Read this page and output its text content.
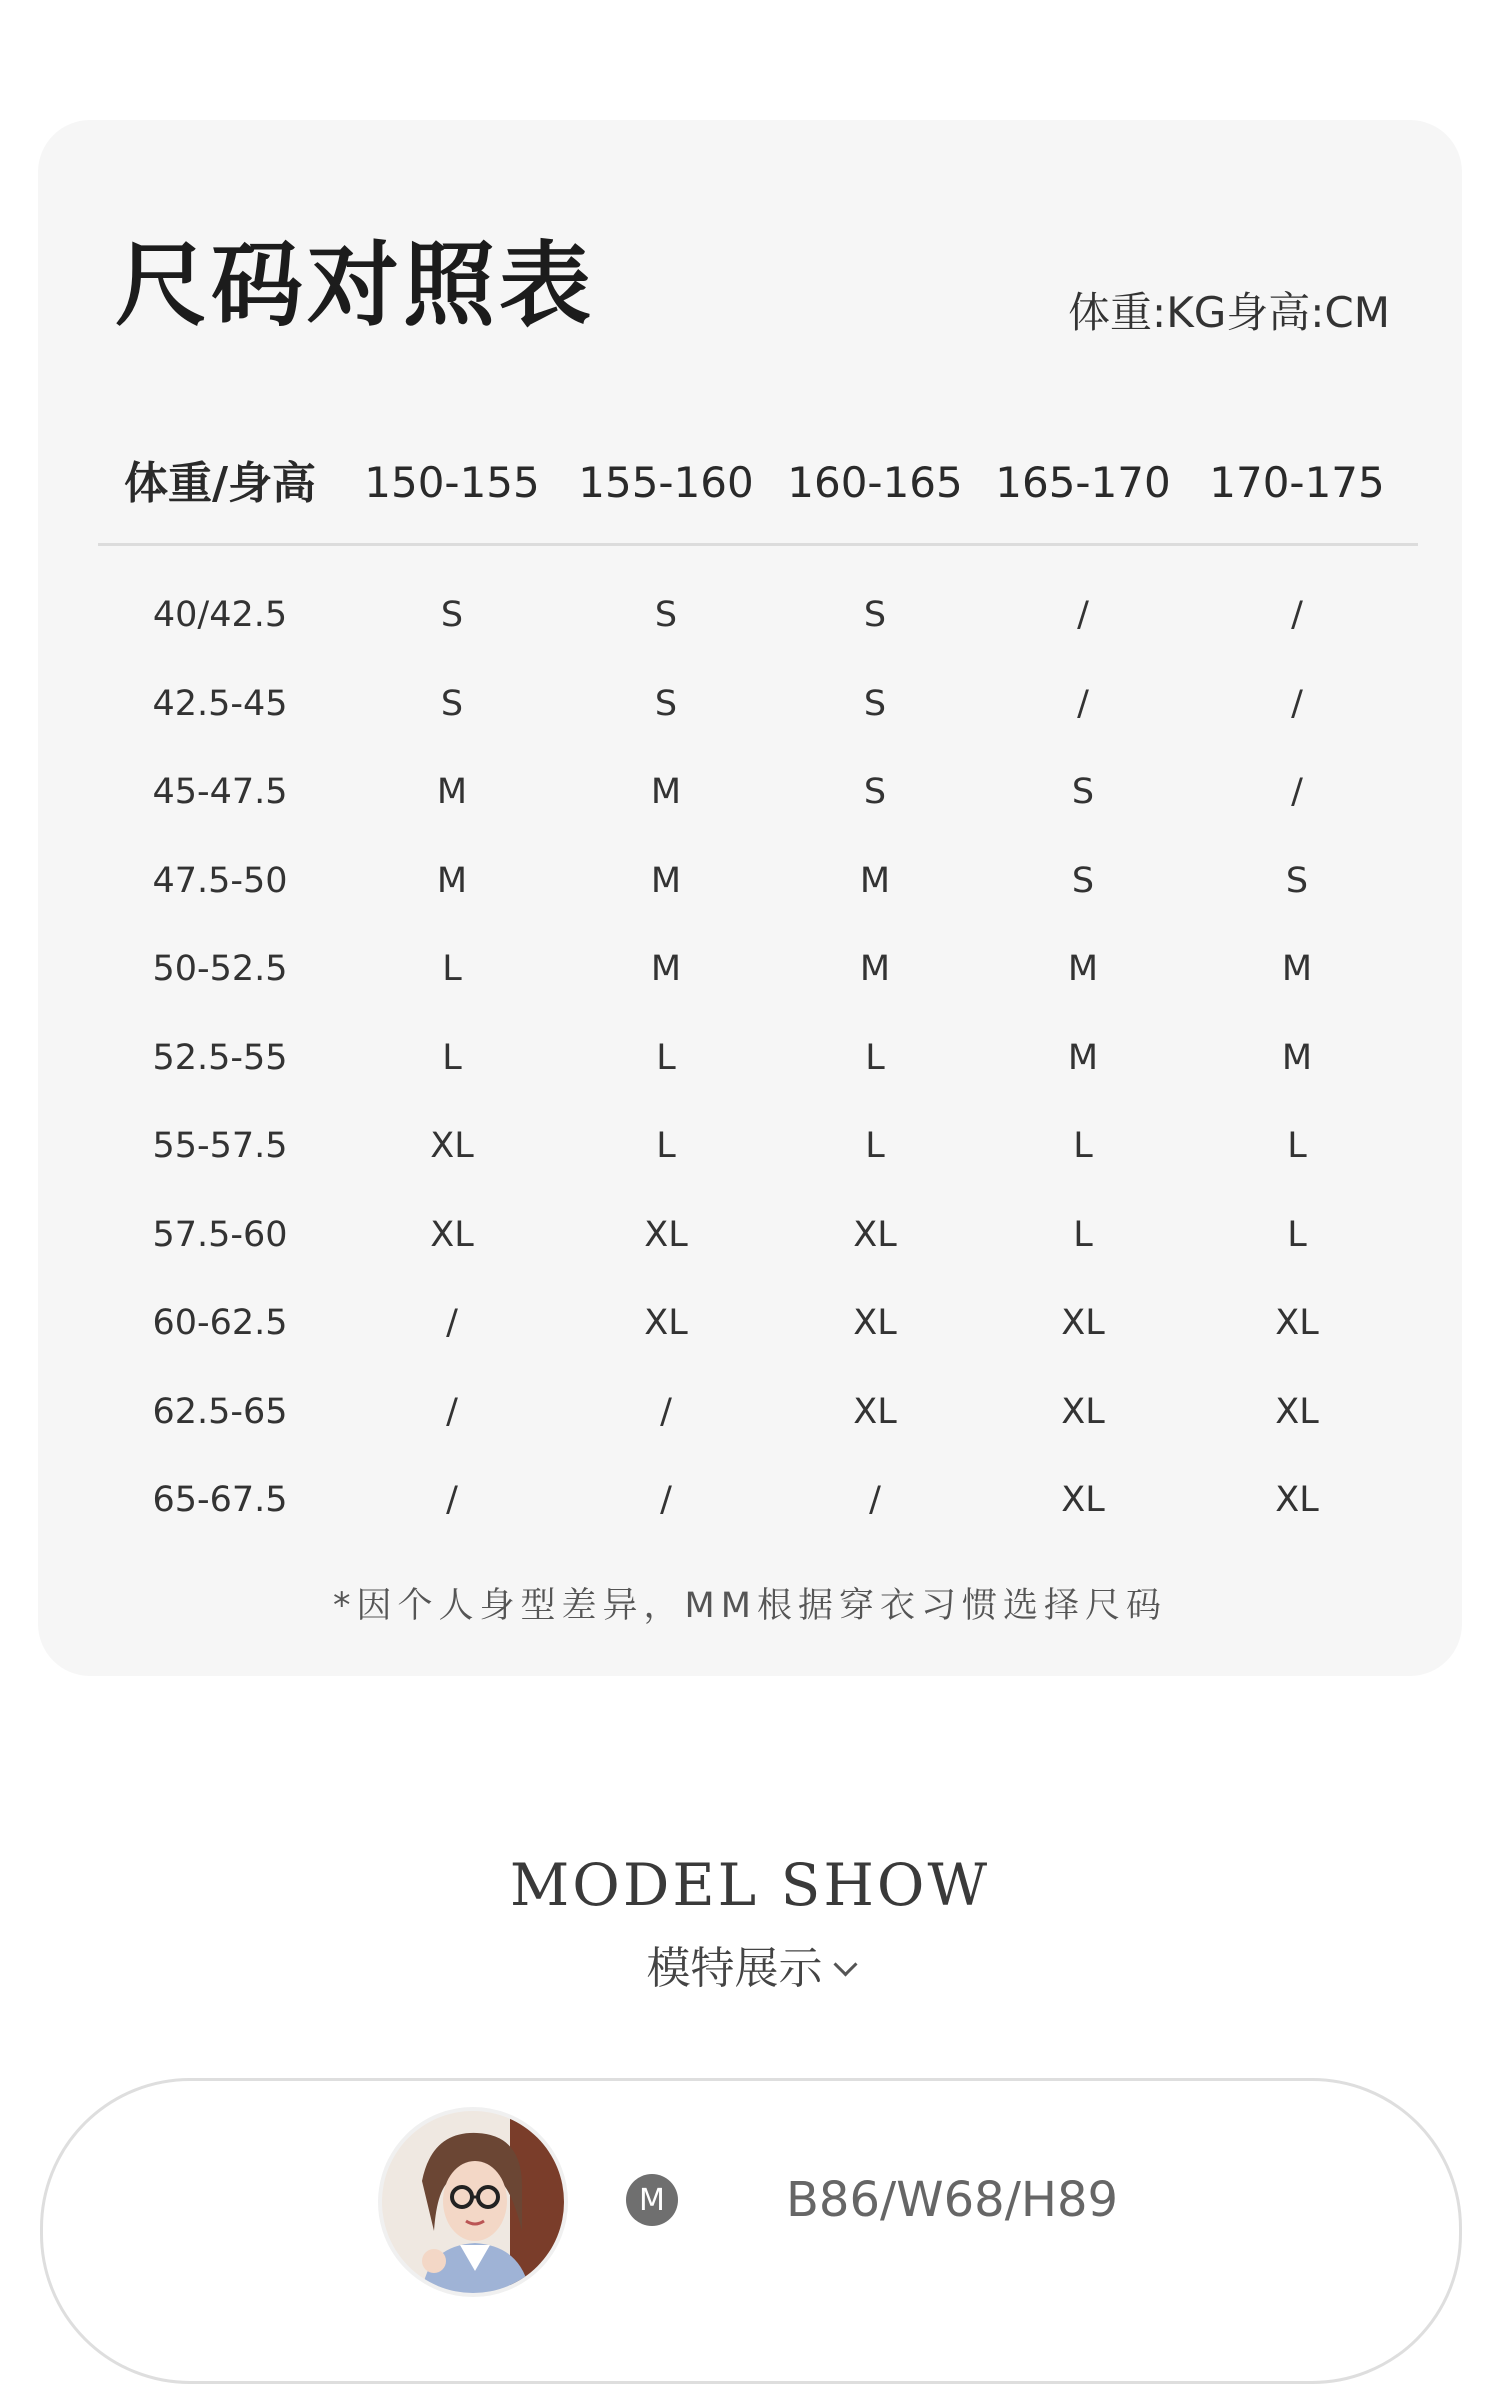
尺码对照表	体重:KG身高:CM
体重/身高 150-155 155-160 160-165 165-170 170-175
40/42.5	S	S	S	/	/
42.5-45	S	S	S	/	/
45-47.5	M	M	S	S	/
47.5-50	M	M	M	S	S
50-52.5	L	M	M	M	M
52.5-55	L	L	L	M	M
55-57.5	XL	L	L	L	L
57.5-60	XL	XL	XL	L	L
60-62.5	/	XL	XL	XL	XL
62.5-65	/	/	XL	XL	XL
65-67.5	/	/	/	XL	XL
*因个人身型差异，MM根据穿衣习惯选择尺码
MODEL SHOW
模特展示
M	B86/W68/H89
